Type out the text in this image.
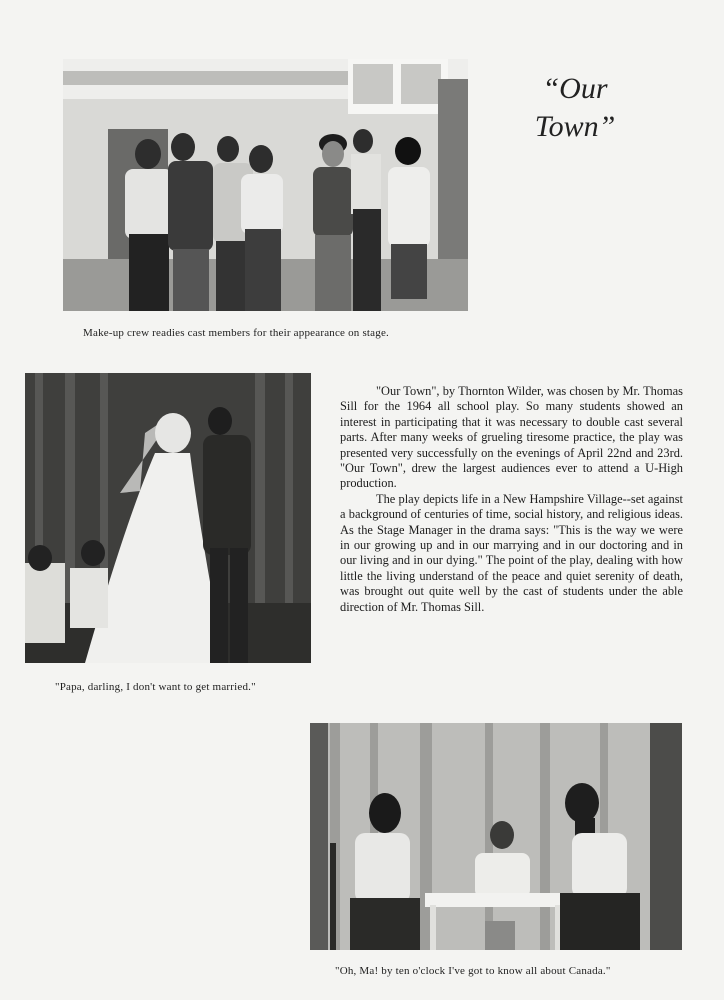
“Our
Town”
Make-up crew readies cast members for their appearance on stage.
"Papa, darling, I don't want to get married."

"Our Town", by Thornton Wilder, was chosen by Mr. Thomas Sill for the 1964 all school play. So many students showed an interest in participating that it was necessary to double cast several parts. After many weeks of grueling tiresome practice, the play was presented very successfully on the evenings of April 22nd and 23rd. "Our Town", drew the largest audiences ever to attend a U-High production.

The play depicts life in a New Hampshire Village--set against a background of centuries of time, social history, and religious ideas. As the Stage Manager in the drama says: "This is the way we were in our growing up and in our marrying and in our doctoring and in our living and in our dying." The point of the play, dealing with how little the living understand of the peace and quiet serenity of death, was brought out quite well by the cast of students under the able direction of Mr. Thomas Sill.

"Oh, Ma! by ten o'clock I've got to know all about Canada."
